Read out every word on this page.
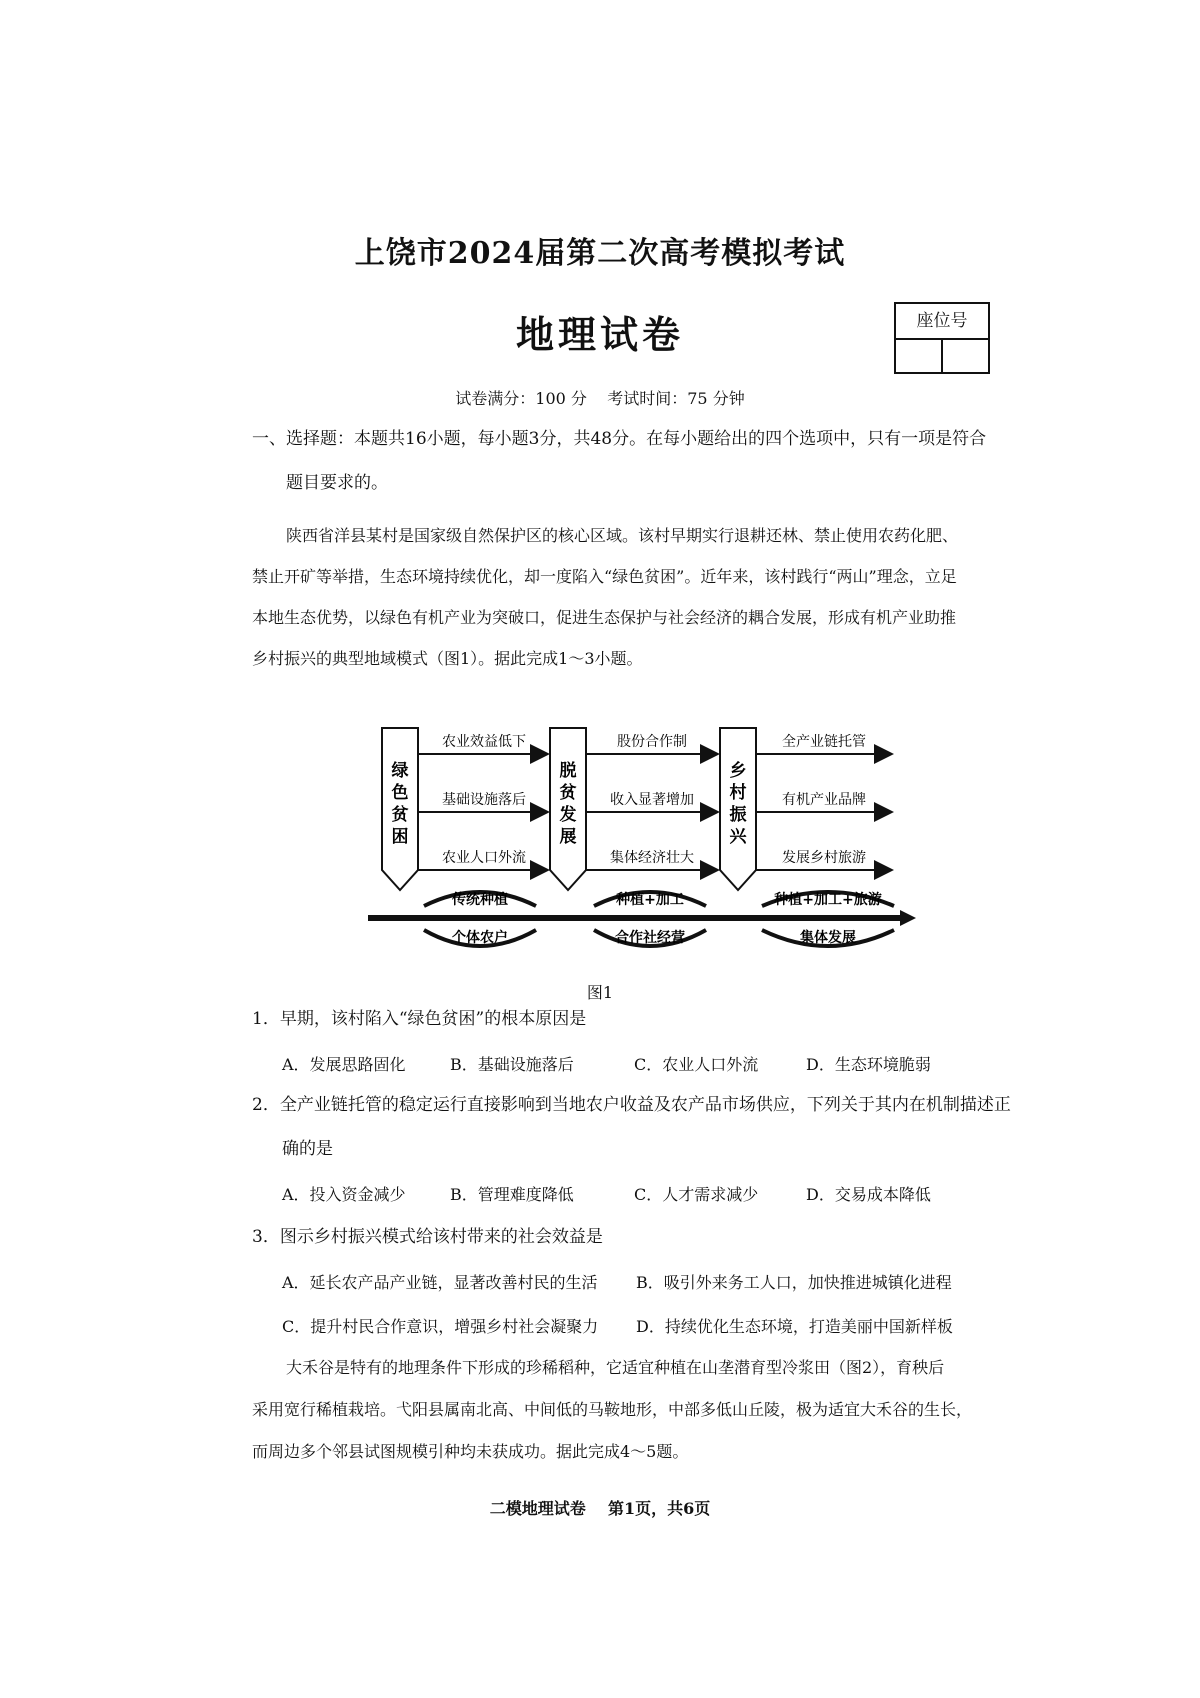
上饶市2024届第二次高考模拟考试
地理试卷	座位号
试卷满分：100 分    考试时间：75 分钟
一、选择题：本题共16小题，每小题3分，共48分。在每小题给出的四个选项中，只有一项是符合
题目要求的。
陕西省洋县某村是国家级自然保护区的核心区域。该村早期实行退耕还林、禁止使用农药化肥、
禁止开矿等举措，生态环境持续优化，却一度陷入“绿色贫困”。近年来，该村践行“两山”理念，立足
本地生态优势，以绿色有机产业为突破口，促进生态保护与社会经济的耦合发展，形成有机产业助推
乡村振兴的典型地域模式（图1）。据此完成1～3小题。
绿色贫困
脱贫发展
乡村振兴
农业效益低下
基础设施落后
农业人口外流
股份合作制
收入显著增加
集体经济壮大
全产业链托管
有机产业品牌
发展乡村旅游
传统种植	种植+加工	种植+加工+旅游
个体农户	合作社经营	集体发展
图1
1．早期，该村陷入“绿色贫困”的根本原因是
A．发展思路固化	B．基础设施落后	C．农业人口外流	D．生态环境脆弱
2．全产业链托管的稳定运行直接影响到当地农户收益及农产品市场供应，下列关于其内在机制描述正
确的是
A．投入资金减少	B．管理难度降低	C．人才需求减少	D．交易成本降低
3．图示乡村振兴模式给该村带来的社会效益是
A．延长农产品产业链，显著改善村民的生活	B．吸引外来务工人口，加快推进城镇化进程
C．提升村民合作意识，增强乡村社会凝聚力	D．持续优化生态环境，打造美丽中国新样板
大禾谷是特有的地理条件下形成的珍稀稻种，它适宜种植在山垄潜育型冷浆田（图2），育秧后
采用宽行稀植栽培。弋阳县属南北高、中间低的马鞍地形，中部多低山丘陵，极为适宜大禾谷的生长，
而周边多个邻县试图规模引种均未获成功。据此完成4～5题。
二模地理试卷    第1页，共6页
